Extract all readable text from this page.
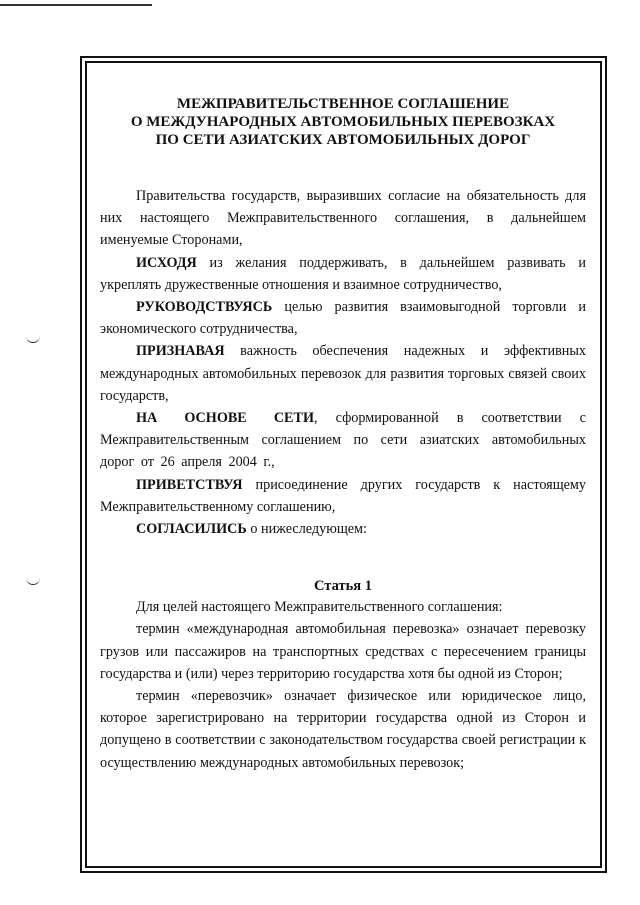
МЕЖПРАВИТЕЛЬСТВЕННОЕ СОГЛАШЕНИЕ
О МЕЖДУНАРОДНЫХ АВТОМОБИЛЬНЫХ ПЕРЕВОЗКАХ
ПО СЕТИ АЗИАТСКИХ АВТОМОБИЛЬНЫХ ДОРОГ

Правительства государств, выразивших согласие на обязательность для них настоящего Межправительственного соглашения, в дальнейшем именуемые Сторонами,

ИСХОДЯ из желания поддерживать, в дальнейшем развивать и укреплять дружественные отношения и взаимное сотрудничество,

РУКОВОДСТВУЯСЬ целью развития взаимовыгодной торговли и экономического сотрудничества,

ПРИЗНАВАЯ важность обеспечения надежных и эффективных международных автомобильных перевозок для развития торговых связей своих государств,

НА ОСНОВЕ СЕТИ, сформированной в соответствии с Межправительственным соглашением по сети азиатских автомобильных дорог от 26 апреля 2004 г.,

ПРИВЕТСТВУЯ присоединение других государств к настоящему Межправительственному соглашению,

СОГЛАСИЛИСЬ о нижеследующем:

Статья 1

Для целей настоящего Межправительственного соглашения:

термин «международная автомобильная перевозка» означает перевозку грузов или пассажиров на транспортных средствах с пересечением границы государства и (или) через территорию государства хотя бы одной из Сторон;

термин «перевозчик» означает физическое или юридическое лицо, которое зарегистрировано на территории государства одной из Сторон и допущено в соответствии с законодательством государства своей регистрации к осуществлению международных автомобильных перевозок;
